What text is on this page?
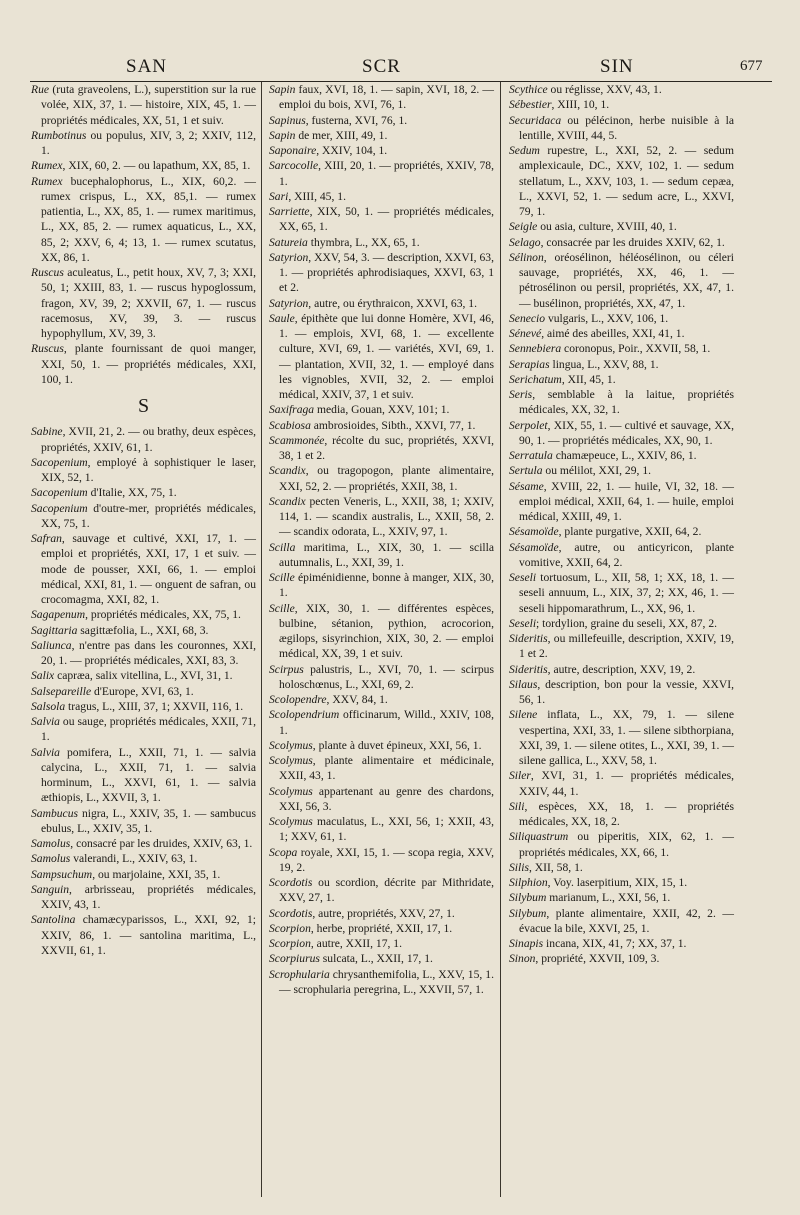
SAN	SCR	SIN	677

Rue (ruta graveolens, L.), superstition sur la rue volée, XIX, 37, 1. — histoire, XIX, 45, 1. — propriétés médicales, XX, 51, 1 et suiv.

Rumbotinus ou populus, XIV, 3, 2; XXIV, 112, 1.

Rumex, XIX, 60, 2. — ou lapathum, XX, 85, 1.

Rumex bucephalophorus, L., XIX, 60,2. — rumex crispus, L., XX, 85,1. — rumex patientia, L., XX, 85, 1. — rumex maritimus, L., XX, 85, 2. — rumex aquaticus, L., XX, 85, 2; XXV, 6, 4; 13, 1. — rumex scutatus, XX, 86, 1.

Ruscus aculeatus, L., petit houx, XV, 7, 3; XXI, 50, 1; XXIII, 83, 1. — ruscus hypoglossum, fragon, XV, 39, 2; XXVII, 67, 1. — ruscus racemosus, XV, 39, 3. — ruscus hypophyllum, XV, 39, 3.

Ruscus, plante fournissant de quoi manger, XXI, 50, 1. — propriétés médicales, XXI, 100, 1.

S

Sabine, XVII, 21, 2. — ou brathy, deux espèces, propriétés, XXIV, 61, 1.

Sacopenium, employé à sophistiquer le laser, XIX, 52, 1.

Sacopenium d'Italie, XX, 75, 1.

Sacopenium d'outre-mer, propriétés médicales, XX, 75, 1.

Safran, sauvage et cultivé, XXI, 17, 1. — emploi et propriétés, XXI, 17, 1 et suiv. — mode de pousser, XXI, 66, 1. — emploi médical, XXI, 81, 1. — onguent de safran, ou crocomagma, XXI, 82, 1.

Sagapenum, propriétés médicales, XX, 75, 1.

Sagittaria sagittæfolia, L., XXI, 68, 3.

Saliunca, n'entre pas dans les couronnes, XXI, 20, 1. — propriétés médicales, XXI, 83, 3.

Salix capræa, salix vitellina, L., XVI, 31, 1.

Salsepareille d'Europe, XVI, 63, 1.

Salsola tragus, L., XIII, 37, 1; XXVII, 116, 1.

Salvia ou sauge, propriétés médicales, XXII, 71, 1.

Salvia pomifera, L., XXII, 71, 1. — salvia calycina, L., XXII, 71, 1. — salvia horminum, L., XXVI, 61, 1. — salvia æthiopis, L., XXVII, 3, 1.

Sambucus nigra, L., XXIV, 35, 1. — sambucus ebulus, L., XXIV, 35, 1.

Samolus, consacré par les druides, XXIV, 63, 1.

Samolus valerandi, L., XXIV, 63, 1.

Sampsuchum, ou marjolaine, XXI, 35, 1.

Sanguin, arbrisseau, propriétés médicales, XXIV, 43, 1.

Santolina chamæcyparissos, L., XXI, 92, 1; XXIV, 86, 1. — santolina maritima, L., XXVII, 61, 1.

Sapin faux, XVI, 18, 1. — sapin, XVI, 18, 2. — emploi du bois, XVI, 76, 1.

Sapinus, fusterna, XVI, 76, 1.

Sapin de mer, XIII, 49, 1.

Saponaire, XXIV, 104, 1.

Sarcocolle, XIII, 20, 1. — propriétés, XXIV, 78, 1.

Sari, XIII, 45, 1.

Sarriette, XIX, 50, 1. — propriétés médicales, XX, 65, 1.

Satureia thymbra, L., XX, 65, 1.

Satyrion, XXV, 54, 3. — description, XXVI, 63, 1. — propriétés aphrodisiaques, XXVI, 63, 1 et 2.

Satyrion, autre, ou érythraicon, XXVI, 63, 1.

Saule, épithète que lui donne Homère, XVI, 46, 1. — emplois, XVI, 68, 1. — excellente culture, XVI, 69, 1. — variétés, XVI, 69, 1. — plantation, XVII, 32, 1. — employé dans les vignobles, XVII, 32, 2. — emploi médical, XXIV, 37, 1 et suiv.

Saxifraga media, Gouan, XXV, 101; 1.

Scabiosa ambrosioides, Sibth., XXVI, 77, 1.

Scammonée, récolte du suc, propriétés, XXVI, 38, 1 et 2.

Scandix, ou tragopogon, plante alimentaire, XXI, 52, 2. — propriétés, XXII, 38, 1.

Scandix pecten Veneris, L., XXII, 38, 1; XXIV, 114, 1. — scandix australis, L., XXII, 58, 2. — scandix odorata, L., XXIV, 97, 1.

Scilla maritima, L., XIX, 30, 1. — scilla autumnalis, L., XXI, 39, 1.

Scille épiménidienne, bonne à manger, XIX, 30, 1.

Scille, XIX, 30, 1. — différentes espèces, bulbine, sétanion, pythion, acrocorion, ægilops, sisyrinchion, XIX, 30, 2. — emploi médical, XX, 39, 1 et suiv.

Scirpus palustris, L., XVI, 70, 1. — scirpus holoschœnus, L., XXI, 69, 2.

Scolopendre, XXV, 84, 1.

Scolopendrium officinarum, Willd., XXIV, 108, 1.

Scolymus, plante à duvet épineux, XXI, 56, 1.

Scolymus, plante alimentaire et médicinale, XXII, 43, 1.

Scolymus appartenant au genre des chardons, XXI, 56, 3.

Scolymus maculatus, L., XXI, 56, 1; XXII, 43, 1; XXV, 61, 1.

Scopa royale, XXI, 15, 1. — scopa regia, XXV, 19, 2.

Scordotis ou scordion, décrite par Mithridate, XXV, 27, 1.

Scordotis, autre, propriétés, XXV, 27, 1.

Scorpion, herbe, propriété, XXII, 17, 1.

Scorpion, autre, XXII, 17, 1.

Scorpiurus sulcata, L., XXII, 17, 1.

Scrophularia chrysanthemifolia, L., XXV, 15, 1. — scrophularia peregrina, L., XXVII, 57, 1.

Scythice ou réglisse, XXV, 43, 1.

Sébestier, XIII, 10, 1.

Securidaca ou pélécinon, herbe nuisible à la lentille, XVIII, 44, 5.

Sedum rupestre, L., XXI, 52, 2. — sedum amplexicaule, DC., XXV, 102, 1. — sedum stellatum, L., XXV, 103, 1. — sedum cepæa, L., XXVI, 52, 1. — sedum acre, L., XXVI, 79, 1.

Seigle ou asia, culture, XVIII, 40, 1.

Selago, consacrée par les druides XXIV, 62, 1.

Sélinon, oréosélinon, héléosélinon, ou céleri sauvage, propriétés, XX, 46, 1. — pétrosélinon ou persil, propriétés, XX, 47, 1. — busélinon, propriétés, XX, 47, 1.

Senecio vulgaris, L., XXV, 106, 1.

Sénevé, aimé des abeilles, XXI, 41, 1.

Sennebiera coronopus, Poir., XXVII, 58, 1.

Serapias lingua, L., XXV, 88, 1.

Serichatum, XII, 45, 1.

Seris, semblable à la laitue, propriétés médicales, XX, 32, 1.

Serpolet, XIX, 55, 1. — cultivé et sauvage, XX, 90, 1. — propriétés médicales, XX, 90, 1.

Serratula chamæpeuce, L., XXIV, 86, 1.

Sertula ou mélilot, XXI, 29, 1.

Sésame, XVIII, 22, 1. — huile, VI, 32, 18. — emploi médical, XXII, 64, 1. — huile, emploi médical, XXIII, 49, 1.

Sésamoïde, plante purgative, XXII, 64, 2.

Sésamoïde, autre, ou anticyricon, plante vomitive, XXII, 64, 2.

Seseli tortuosum, L., XII, 58, 1; XX, 18, 1. — seseli annuum, L., XIX, 37, 2; XX, 46, 1. — seseli hippomarathrum, L., XX, 96, 1.

Seseli; tordylion, graine du seseli, XX, 87, 2.

Sideritis, ou millefeuille, description, XXIV, 19, 1 et 2.

Sideritis, autre, description, XXV, 19, 2.

Silaus, description, bon pour la vessie, XXVI, 56, 1.

Silene inflata, L., XX, 79, 1. — silene vespertina, XXI, 33, 1. — silene sibthorpiana, XXI, 39, 1. — silene otites, L., XXI, 39, 1. — silene gallica, L., XXV, 58, 1.

Siler, XVI, 31, 1. — propriétés médicales, XXIV, 44, 1.

Sili, espèces, XX, 18, 1. — propriétés médicales, XX, 18, 2.

Siliquastrum ou piperitis, XIX, 62, 1. — propriétés médicales, XX, 66, 1.

Silis, XII, 58, 1.

Silphion, Voy. laserpitium, XIX, 15, 1.

Silybum marianum, L., XXI, 56, 1.

Silybum, plante alimentaire, XXII, 42, 2. — évacue la bile, XXVI, 25, 1.

Sinapis incana, XIX, 41, 7; XX, 37, 1.

Sinon, propriété, XXVII, 109, 3.
